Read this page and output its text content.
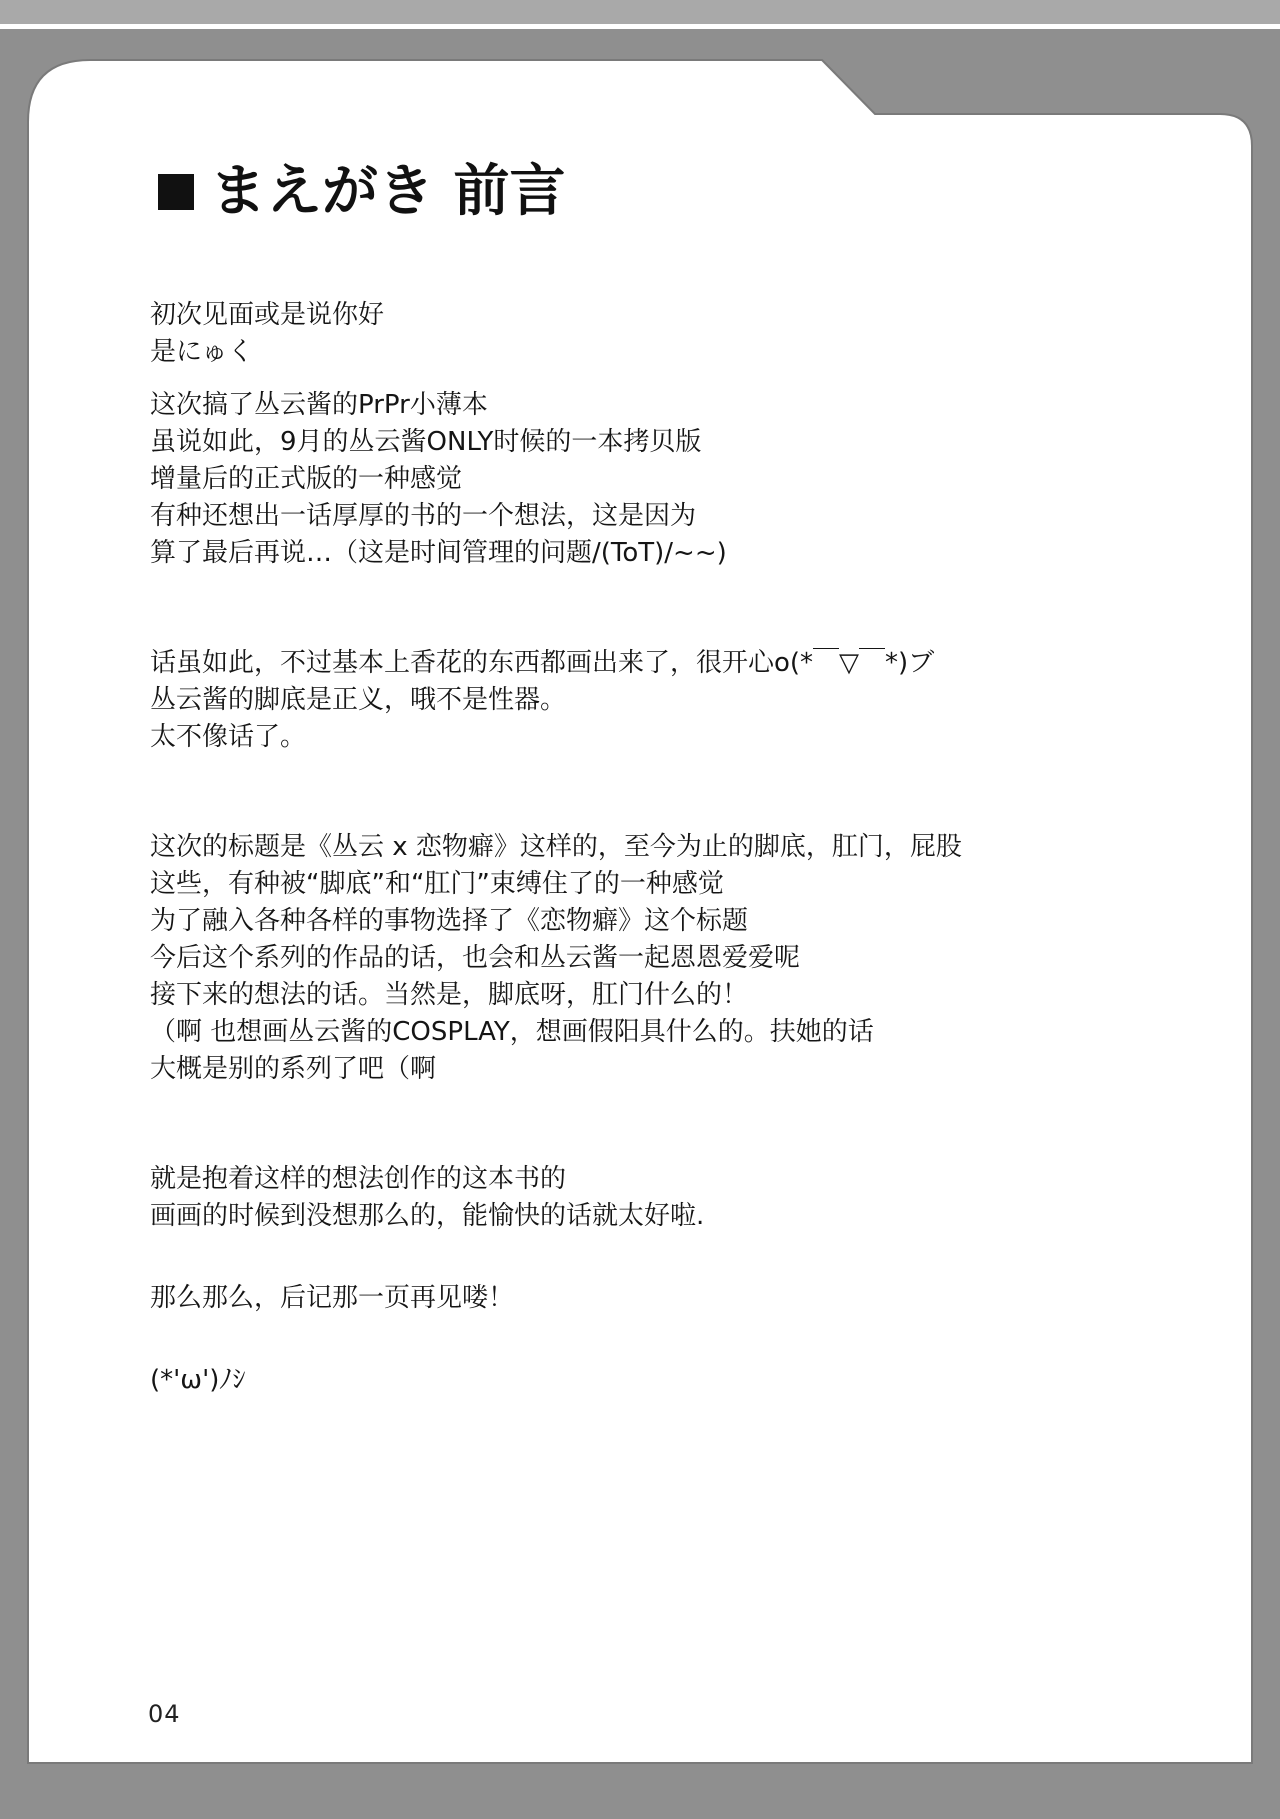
まえがき 前言

初次见面或是说你好
是にゅく

这次搞了丛云酱的PrPr小薄本
虽说如此，9月的丛云酱ONLY时候的一本拷贝版
增量后的正式版的一种感觉
有种还想出一话厚厚的书的一个想法，这是因为
算了最后再说…（这是时间管理的问题/(ToT)/~~)

话虽如此，不过基本上香花的东西都画出来了，很开心o(*￣▽￣*)ブ
丛云酱的脚底是正义，哦不是性器。
太不像话了。

这次的标题是《丛云 x 恋物癖》这样的，至今为止的脚底，肛门，屁股
这些，有种被“脚底”和“肛门”束缚住了的一种感觉
为了融入各种各样的事物选择了《恋物癖》这个标题
今后这个系列的作品的话，也会和丛云酱一起恩恩爱爱呢
接下来的想法的话。当然是，脚底呀，肛门什么的！
（啊 也想画丛云酱的COSPLAY，想画假阳具什么的。扶她的话
大概是别的系列了吧（啊

就是抱着这样的想法创作的这本书的
画画的时候到没想那么的，能愉快的话就太好啦.

那么那么，后记那一页再见喽！

(*'ω')ﾉｼ

04
